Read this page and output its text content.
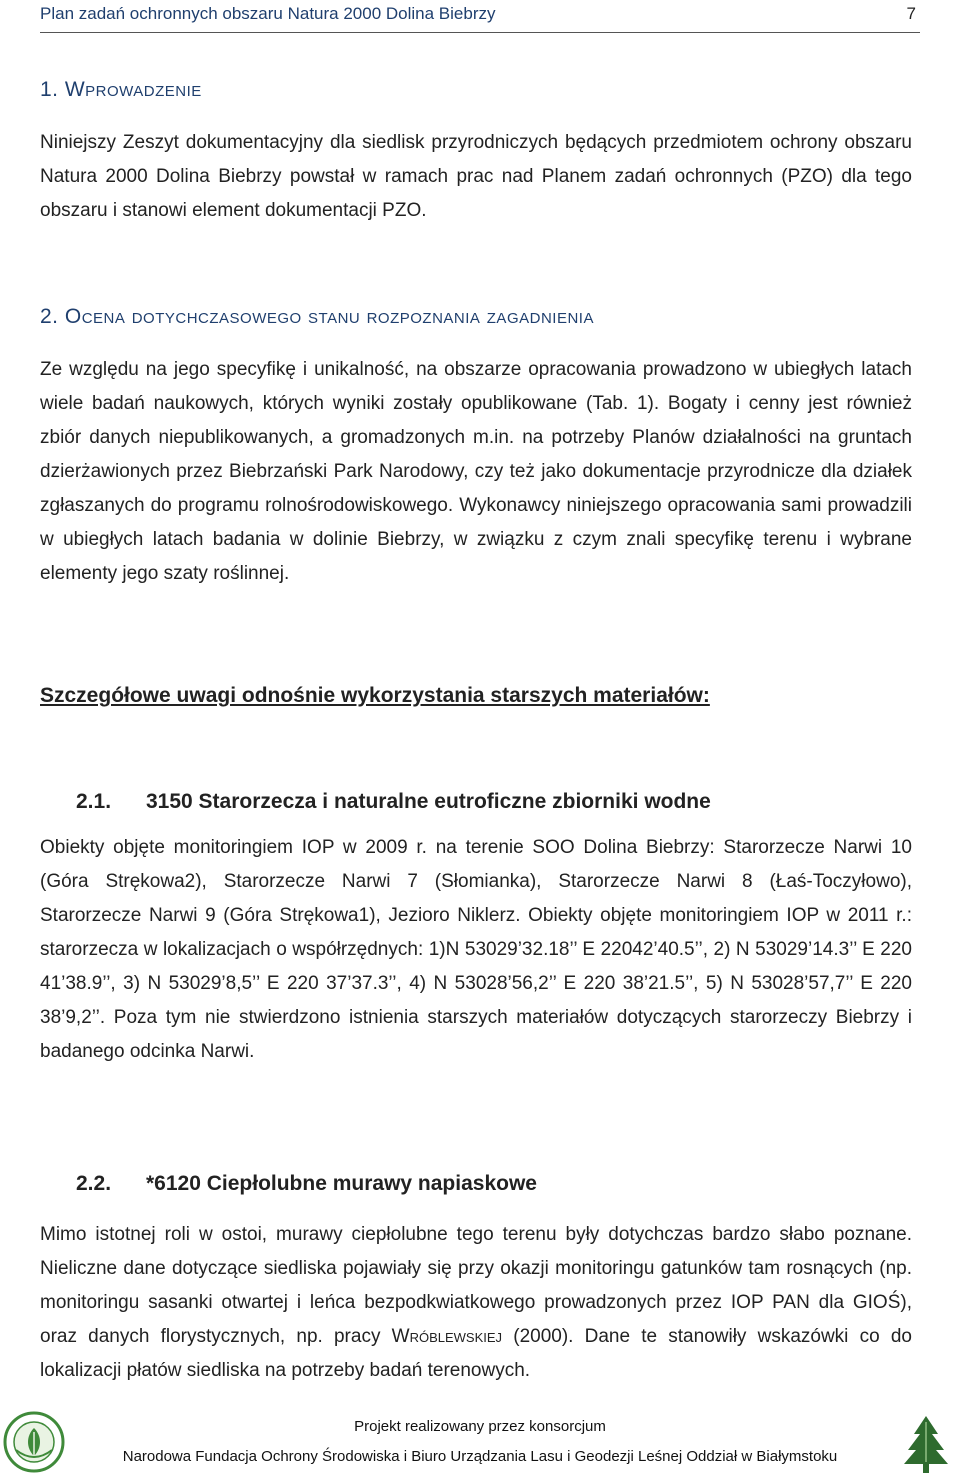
Plan zadań ochronnych obszaru Natura 2000 Dolina Biebrzy	7
1. Wprowadzenie

Niniejszy Zeszyt dokumentacyjny dla siedlisk przyrodniczych będących przedmiotem ochrony obszaru Natura 2000 Dolina Biebrzy powstał w ramach prac nad Planem zadań ochronnych (PZO) dla tego obszaru i stanowi element dokumentacji PZO.

2. Ocena dotychczasowego stanu rozpoznania zagadnienia

Ze względu na jego specyfikę i unikalność, na obszarze opracowania prowadzono w ubiegłych latach wiele badań naukowych, których wyniki zostały opublikowane (Tab. 1). Bogaty i cenny jest również zbiór danych niepublikowanych, a gromadzonych m.in. na potrzeby Planów działalności na gruntach dzierżawionych przez Biebrzański Park Narodowy, czy też jako dokumentacje przyrodnicze dla działek zgłaszanych do programu rolnośrodowiskowego. Wykonawcy niniejszego opracowania sami prowadzili w ubiegłych latach badania w dolinie Biebrzy, w związku z czym znali specyfikę terenu i wybrane elementy jego szaty roślinnej.

Szczegółowe uwagi odnośnie wykorzystania starszych materiałów:
2.1. 3150 Starorzecza i naturalne eutroficzne zbiorniki wodne

Obiekty objęte monitoringiem IOP w 2009 r. na terenie SOO Dolina Biebrzy: Starorzecze Narwi 10 (Góra Strękowa2), Starorzecze Narwi 7 (Słomianka), Starorzecze Narwi 8 (Łaś-Toczyłowo), Starorzecze Narwi 9 (Góra Strękowa1), Jezioro Niklerz. Obiekty objęte monitoringiem IOP w 2011 r.: starorzecza w lokalizacjach o współrzędnych: 1)N 53029’32.18’’ E 22042’40.5’’, 2) N 53029’14.3’’ E 220 41’38.9’’, 3) N 53029’8,5’’ E 220 37’37.3’’, 4) N 53028’56,2’’ E 220 38’21.5’’, 5) N 53028’57,7’’ E 220 38’9,2’’. Poza tym nie stwierdzono istnienia starszych materiałów dotyczących starorzeczy Biebrzy i badanego odcinka Narwi.

2.2. *6120 Ciepłolubne murawy napiaskowe

Mimo istotnej roli w ostoi, murawy ciepłolubne tego terenu były dotychczas bardzo słabo poznane. Nieliczne dane dotyczące siedliska pojawiały się przy okazji monitoringu gatunków tam rosnących (np. monitoringu sasanki otwartej i leńca bezpodkwiatkowego prowadzonych przez IOP PAN dla GIOŚ), oraz danych florystycznych, np. pracy Wróblewskiej (2000). Dane te stanowiły wskazówki co do lokalizacji płatów siedliska na potrzeby badań terenowych.

Projekt realizowany przez konsorcjum
Narodowa Fundacja Ochrony Środowiska i Biuro Urządzania Lasu i Geodezji Leśnej Oddział w Białymstoku
